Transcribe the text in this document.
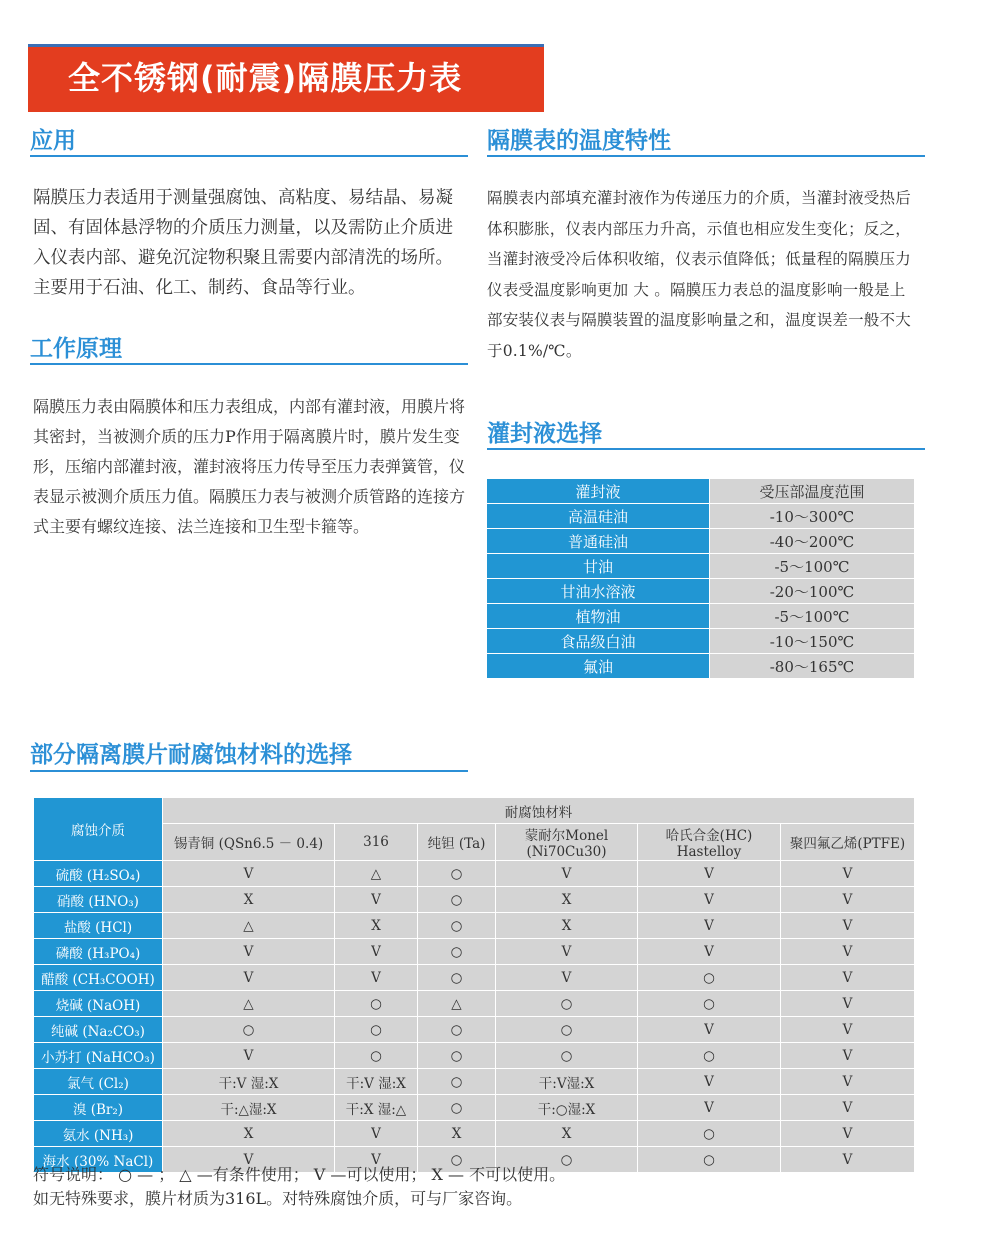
全不锈钢(耐震)隔膜压力表
应用

隔膜压力表适用于测量强腐蚀、高粘度、易结晶、易凝固、有固体悬浮物的介质压力测量，以及需防止介质进入仪表内部、避免沉淀物积聚且需要内部清洗的场所。主要用于石油、化工、制药、食品等行业。

工作原理

隔膜压力表由隔膜体和压力表组成，内部有灌封液，用膜片将其密封，当被测介质的压力P作用于隔离膜片时，膜片发生变形，压缩内部灌封液，灌封液将压力传导至压力表弹簧管，仪表显示被测介质压力值。隔膜压力表与被测介质管路的连接方式主要有螺纹连接、法兰连接和卫生型卡箍等。

隔膜表的温度特性

隔膜表内部填充灌封液作为传递压力的介质，当灌封液受热后体积膨胀，仪表内部压力升高，示值也相应发生变化；反之，当灌封液受冷后体积收缩，仪表示值降低；低量程的隔膜压力仪表受温度影响更加 大 。隔膜压力表总的温度影响一般是上部安装仪表与隔膜装置的温度影响量之和，温度误差一般不大于0.1%/℃。

灌封液选择
灌封液	受压部温度范围
高温硅油	-10～300℃
普通硅油	-40～200℃
甘油	-5～100℃
甘油水溶液	-20～100℃
植物油	-5～100℃
食品级白油	-10～150℃
氟油	-80～165℃
部分隔离膜片耐腐蚀材料的选择
腐蚀介质	耐腐蚀材料					
	锡青铜 (QSn6.5 － 0.4)	316	纯钽 (Ta)	蒙耐尔Monel (Ni70Cu30)	哈氏合金(HC) Hastelloy	聚四氟乙烯(PTFE)
硫酸 (H₂SO₄)	V	△	○	V	V	V
硝酸 (HNO₃)	X	V	○	X	V	V
盐酸 (HCl)	△	X	○	X	V	V
磷酸 (H₃PO₄)	V	V	○	V	V	V
醋酸 (CH₃COOH)	V	V	○	V	○	V
烧碱 (NaOH)	△	○	△	○	○	V
纯碱 (Na₂CO₃)	○	○	○	○	V	V
小苏打 (NaHCO₃)	V	○	○	○	○	V
氯气 (Cl₂)	干:V 湿:X	干:V 湿:X	○	干:V湿:X	V	V
溴 (Br₂)	干:△湿:X	干:X 湿:△	○	干:○湿:X	V	V
氨水 (NH₃)	X	V	X	X	○	V
海水 (30% NaCl)	V	V	○	○	○	V

符号说明： ○ — ； △ —有条件使用； V —可以使用； X — 不可以使用。

如无特殊要求，膜片材质为316L。对特殊腐蚀介质，可与厂家咨询。
